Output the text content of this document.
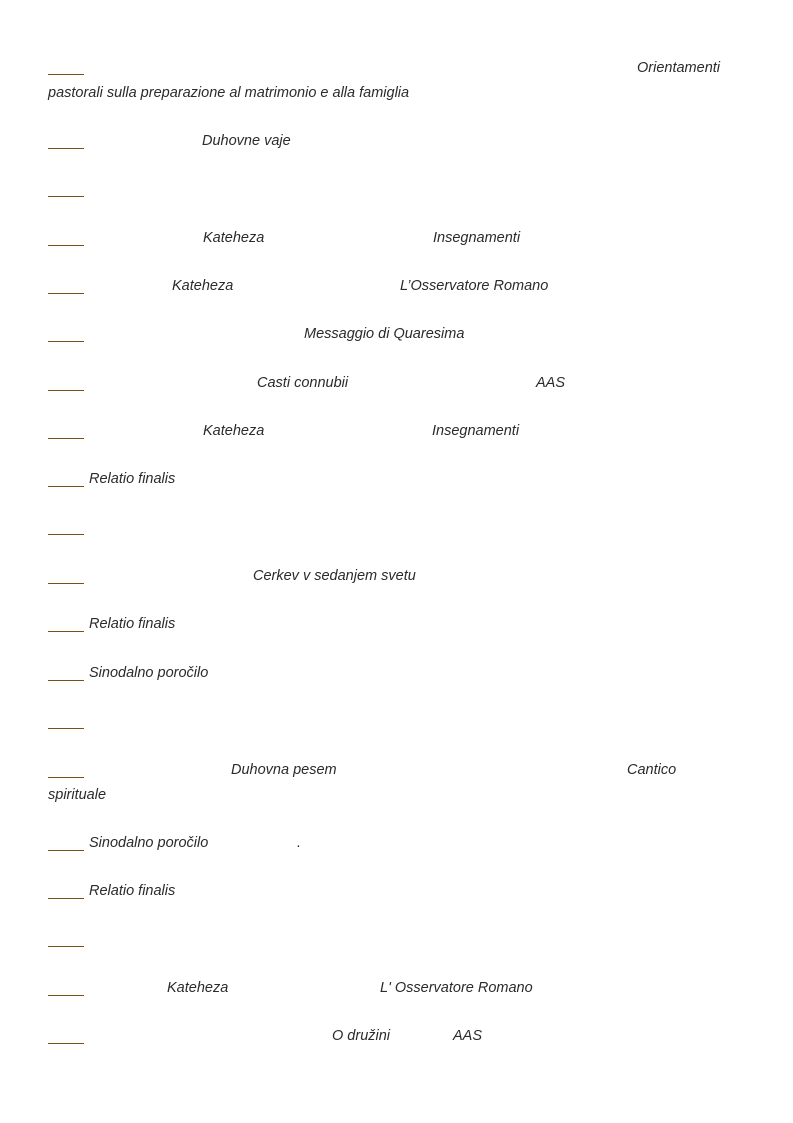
Orientamenti
pastorali sulla preparazione al matrimonio e alla famiglia
Duhovne vaje
Kateheza	Insegnamenti
Kateheza	L’Osservatore Romano
Messaggio di Quaresima
Casti connubii	AAS
Kateheza	Insegnamenti
Relatio finalis
Cerkev v sedanjem svetu
Relatio finalis
Sinodalno poročilo
Duhovna pesem	Cantico
spirituale
Sinodalno poročilo	.
Relatio finalis
Kateheza	L' Osservatore Romano
O družini	AAS
